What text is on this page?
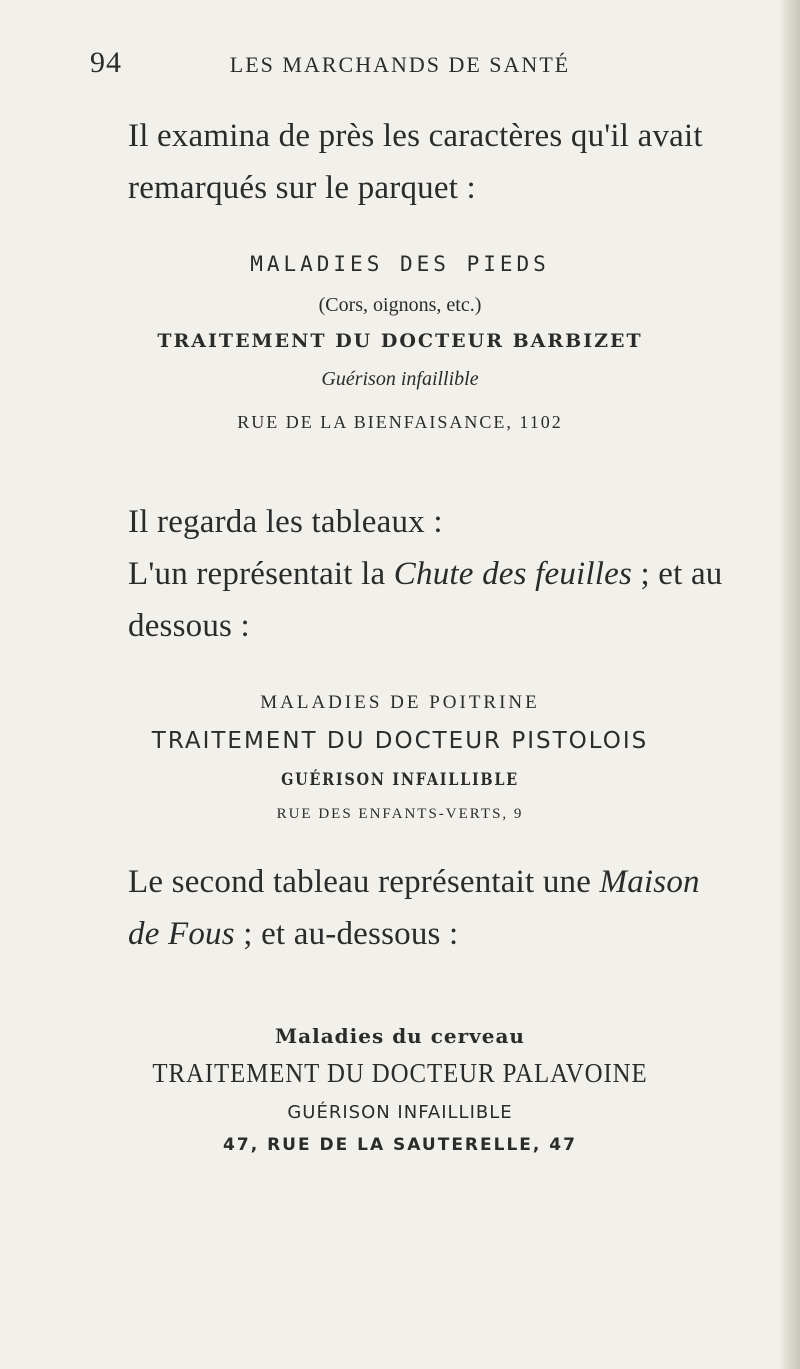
94	LES MARCHANDS DE SANTÉ
Il examina de près les caractères qu'il avait
remarqués sur le parquet :
MALADIES DES PIEDS
(Cors, oignons, etc.)
TRAITEMENT DU DOCTEUR BARBIZET
Guérison infaillible
RUE DE LA BIENFAISANCE, 1102
Il regarda les tableaux :
L'un représentait la Chute des feuilles ; et au
dessous :
MALADIES DE POITRINE
TRAITEMENT DU DOCTEUR PISTOLOIS
GUÉRISON INFAILLIBLE
RUE DES ENFANTS-VERTS, 9
Le second tableau représentait une Maison
de Fous ; et au-dessous :
Maladies du cerveau
TRAITEMENT DU DOCTEUR PALAVOINE
GUÉRISON INFAILLIBLE
47, RUE DE LA SAUTERELLE, 47
